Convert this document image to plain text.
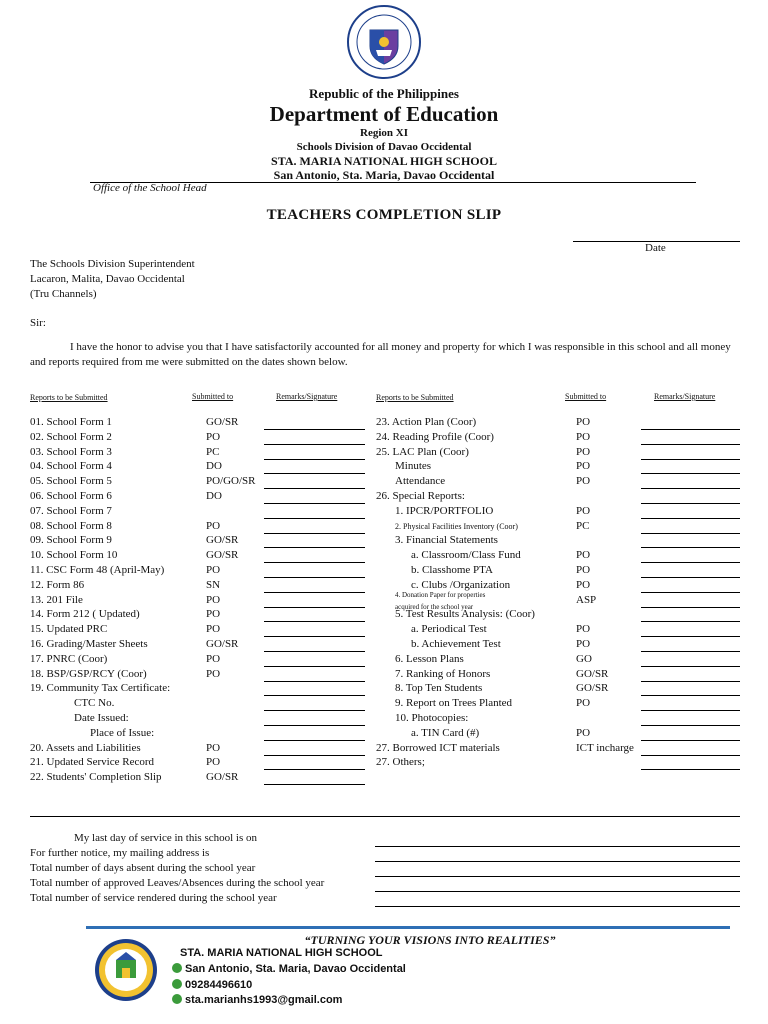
Republic of the Philippines
Department of Education
Region XI
Schools Division of Davao Occidental
STA. MARIA NATIONAL HIGH SCHOOL
San Antonio, Sta. Maria, Davao Occidental
Office of the School Head
TEACHERS COMPLETION SLIP
Date
The Schools Division Superintendent
Lacaron, Malita, Davao Occidental
(Tru Channels)
Sir:
I have the honor to advise you that I have satisfactorily accounted for all money and property for which I was responsible in this school and all money and reports required from me were submitted on the dates shown below.
Reports to be Submitted	Submitted to	Remarks/Signature	Reports to be Submitted	Submitted to	Remarks/Signature
01. School Form 1	GO/SR
02. School Form 2	PO
03. School Form 3	PC
04. School Form 4	DO
05. School Form 5	PO/GO/SR
06. School Form 6	DO
07. School Form 7
08. School Form 8	PO
09. School Form 9	GO/SR
10. School Form 10	GO/SR
11. CSC Form 48 (April-May)	PO
12. Form 86	SN
13. 201 File	PO
14. Form 212 ( Updated)	PO
15. Updated PRC	PO
16. Grading/Master Sheets	GO/SR
17. PNRC (Coor)	PO
18. BSP/GSP/RCY (Coor)	PO
19. Community Tax Certificate:
CTC No.
Date Issued:
Place of Issue:
20. Assets and Liabilities	PO
21. Updated Service Record	PO
22. Students' Completion Slip	GO/SR
23. Action Plan (Coor)	PO
24. Reading Profile (Coor)	PO
25. LAC Plan (Coor)	PO
Minutes	PO
Attendance	PO
26. Special Reports:
1. IPCR/PORTFOLIO	PO
2. Physical Facilities Inventory (Coor)	PC
3. Financial Statements
a. Classroom/Class Fund	PO
b. Classhome PTA	PO
c. Clubs /Organization	PO
4. Donation Paper for properties
acquired for the school year
ASP
5. Test Results Analysis: (Coor)
a. Periodical Test	PO
b. Achievement Test	PO
6. Lesson Plans	GO
7. Ranking of Honors	GO/SR
8. Top Ten Students	GO/SR
9. Report on Trees Planted	PO
10. Photocopies:
a. TIN Card (#)	PO
27. Borrowed ICT materials	ICT incharge
27. Others;
My last day of service in this school is on
For further notice, my mailing address is
Total number of days absent during the school year
Total number of approved Leaves/Absences during the school year
Total number of service rendered during the school year
“TURNING YOUR VISIONS INTO REALITIES”
STA. MARIA NATIONAL HIGH SCHOOL
San Antonio, Sta. Maria, Davao Occidental
09284496610
sta.marianhs1993@gmail.com
